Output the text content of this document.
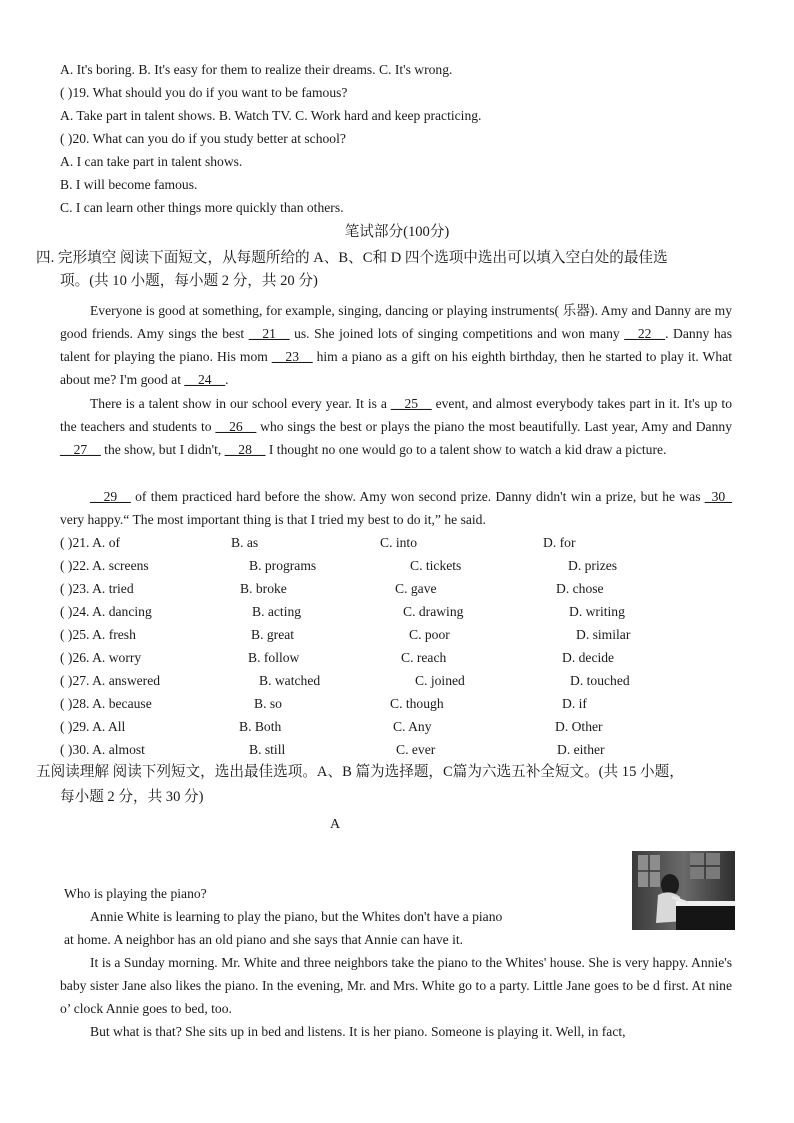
A. It's boring. B. It's easy for them to realize their dreams. C. It's wrong.
( )19. What should you do if you want to be famous?
A. Take part in talent shows. B. Watch TV. C. Work hard and keep practicing.
( )20. What can you do if you study better at school?
A. I can take part in talent shows.
B. I will become famous.
C. I can learn other things more quickly than others.
笔试部分(100分)
四. 完形填空 阅读下面短文，从每题所给的 A、B、C和 D 四个选项中选出可以填入空白处的最佳选
项。(共 10 小题，每小题 2 分，共 20 分)
Everyone is good at something, for example, singing, dancing or playing instruments( 乐器). Amy and Danny are my good friends. Amy sings the best __21__ us. She joined lots of singing competitions and won many __22__. Danny has talent for playing the piano. His mom __23__ him a piano as a gift on his eighth birthday, then he started to play it. What about me? I'm good at __24__.
There is a talent show in our school every year. It is a __25__ event, and almost everybody takes part in it. It's up to the teachers and students to __26__ who sings the best or plays the piano the most beautifully. Last year, Amy and Danny __27__ the show, but I didn't, __28__ I thought no one would go to a talent show to watch a kid draw a picture.
__29__ of them practiced hard before the show. Amy won second prize. Danny didn't win a prize, but he was _30_ very happy.“ The most important thing is that I tried my best to do it,” he said.
( )21. A. of	B. as	C. into	D. for
( )22. A. screens	B. programs	C. tickets	D. prizes
( )23. A. tried	B. broke	C. gave	D. chose
( )24. A. dancing	B. acting	C. drawing	D. writing
( )25. A. fresh	B. great	C. poor	D. similar
( )26. A. worry	B. follow	C. reach	D. decide
( )27. A. answered	B. watched	C. joined	D. touched
( )28. A. because	B. so	C. though	D. if
( )29. A. All	B. Both	C. Any	D. Other
( )30. A. almost	B. still	C. ever	D. either
五阅读理解 阅读下列短文，选出最佳选项。A、B 篇为选择题，C篇为六选五补全短文。(共 15 小题，
每小题 2 分，共 30 分)
A
Who is playing the piano?
Annie White is learning to play the piano, but the Whites don't have a piano
at home. A neighbor has an old piano and she says that Annie can have it.
It is a Sunday morning. Mr. White and three neighbors take the piano to the Whites' house. She is very happy. Annie's baby sister Jane also likes the piano. In the evening, Mr. and Mrs. White go to a party. Little Jane goes to be d first. At nine o’ clock Annie goes to bed, too.
But what is that? She sits up in bed and listens. It is her piano. Someone is playing it. Well, in fact,
